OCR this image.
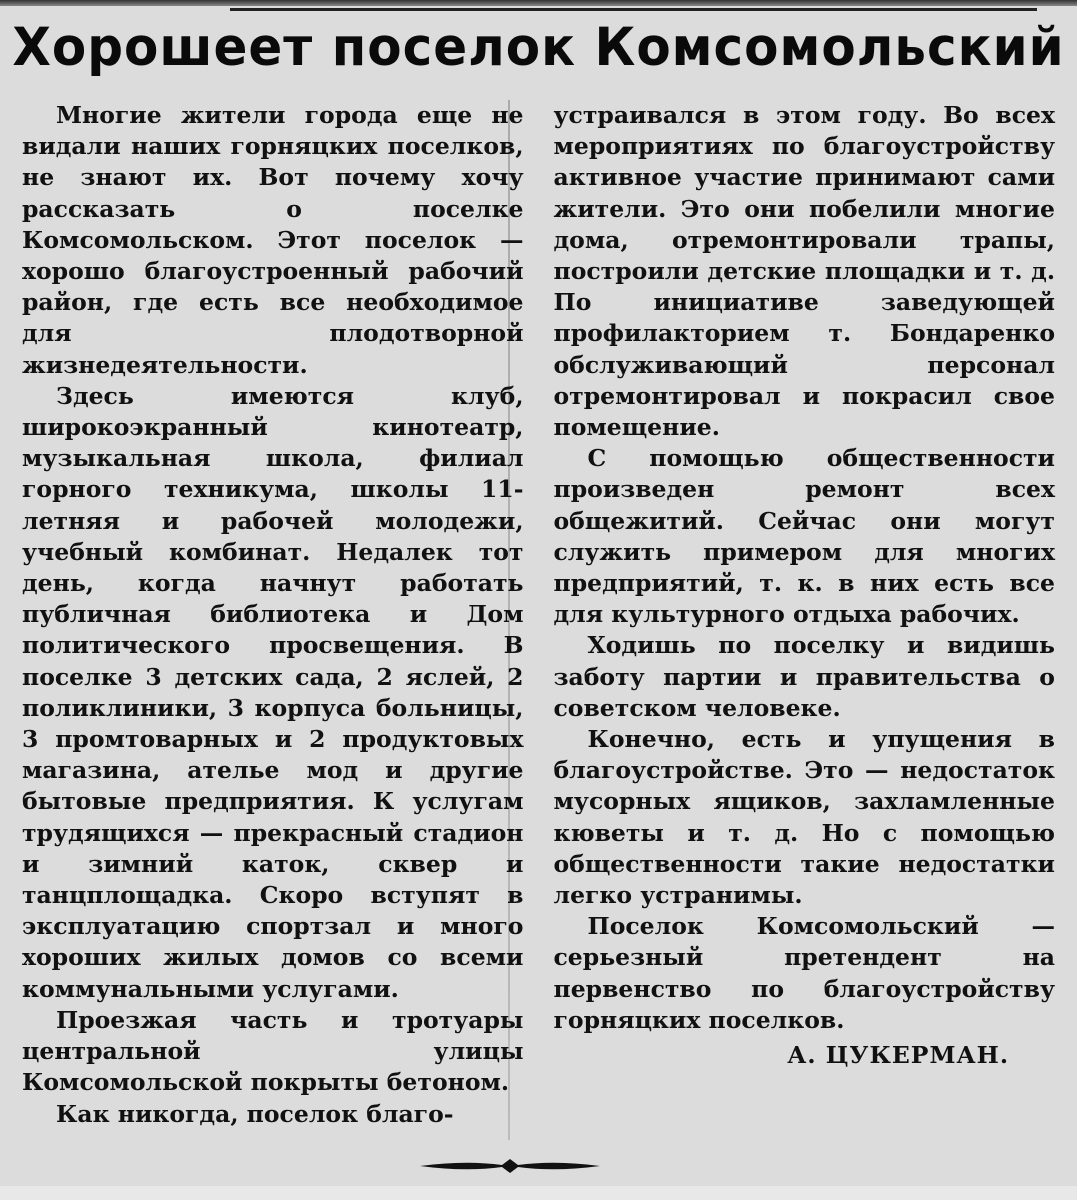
Хорошеет поселок Комсомольский

Многие жители города еще не видали наших горняцких поселков, не знают их. Вот почему хочу рассказать о поселке Комсомольском. Этот поселок — хорошо благоустроенный рабочий район, где есть все необходимое для плодотворной жизнедеятельности.

Здесь имеются клуб, широкоэкранный кинотеатр, музыкальная школа, филиал горного техникума, школы 11-летняя и рабочей молодежи, учебный комбинат. Недалек тот день, когда начнут работать публичная библиотека и Дом политического просвещения. В поселке 3 детских сада, 2 яслей, 2 поликлиники, 3 корпуса больницы, 3 промтоварных и 2 продуктовых магазина, ателье мод и другие бытовые предприятия. К услугам трудящихся — прекрасный стадион и зимний каток, сквер и танцплощадка. Скоро вступят в эксплуатацию спортзал и много хороших жилых домов со всеми коммунальными услугами.

Проезжая часть и тротуары центральной улицы Комсомольской покрыты бетоном.

Как никогда, поселок благо-

устраивался в этом году. Во всех мероприятиях по благоустройству активное участие принимают сами жители. Это они побелили многие дома, отремонтировали трапы, построили детские площадки и т. д. По инициативе заведующей профилакторием т. Бондаренко обслуживающий персонал отремонтировал и покрасил свое помещение.

С помощью общественности произведен ремонт всех общежитий. Сейчас они могут служить примером для многих предприятий, т. к. в них есть все для культурного отдыха рабочих.

Ходишь по поселку и видишь заботу партии и правительства о советском человеке.

Конечно, есть и упущения в благоустройстве. Это — недостаток мусорных ящиков, захламленные кюветы и т. д. Но с помощью общественности такие недостатки легко устранимы.

Поселок Комсомольский — серьезный претендент на первенство по благоустройству горняцких поселков.

А. ЦУКЕРМАН.
